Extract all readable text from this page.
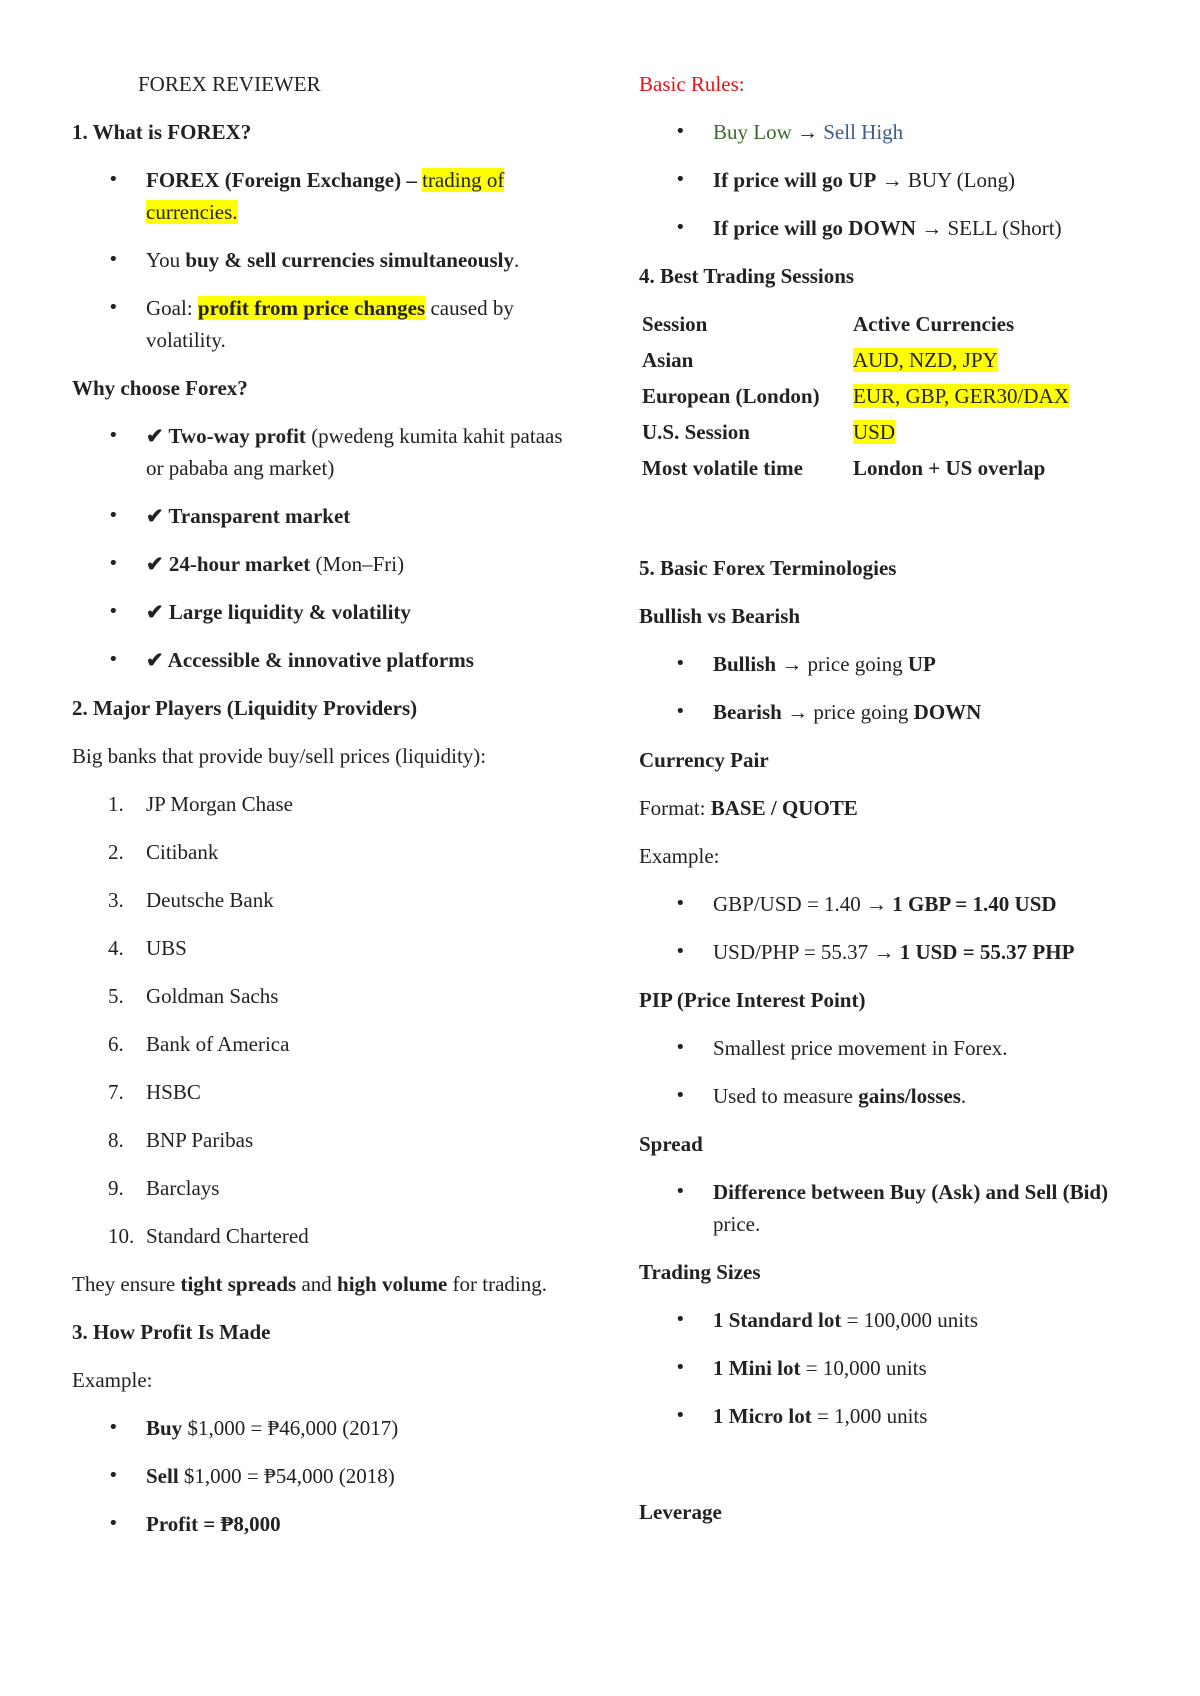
FOREX REVIEWER

1. What is FOREX?

• FOREX (Foreign Exchange) – trading of currencies.
• You buy & sell currencies simultaneously.
• Goal: profit from price changes caused by volatility.

Why choose Forex?

• ✔ Two-way profit (pwedeng kumita kahit pataas or pababa ang market)
• ✔ Transparent market
• ✔ 24-hour market (Mon–Fri)
• ✔ Large liquidity & volatility
• ✔ Accessible & innovative platforms

2. Major Players (Liquidity Providers)

Big banks that provide buy/sell prices (liquidity):

1. JP Morgan Chase
2. Citibank
3. Deutsche Bank
4. UBS
5. Goldman Sachs
6. Bank of America
7. HSBC
8. BNP Paribas
9. Barclays
10. Standard Chartered

They ensure tight spreads and high volume for trading.

3. How Profit Is Made

Example:

• Buy $1,000 = ₱46,000 (2017)
• Sell $1,000 = ₱54,000 (2018)
• Profit = ₱8,000

Basic Rules:

• Buy Low → Sell High
• If price will go UP → BUY (Long)
• If price will go DOWN → SELL (Short)

4. Best Trading Sessions

Session	Active Currencies
Asian	AUD, NZD, JPY
European (London)	EUR, GBP, GER30/DAX
U.S. Session	USD
Most volatile time	London + US overlap

5. Basic Forex Terminologies

Bullish vs Bearish

• Bullish → price going UP
• Bearish → price going DOWN

Currency Pair

Format: BASE / QUOTE

Example:

• GBP/USD = 1.40 → 1 GBP = 1.40 USD
• USD/PHP = 55.37 → 1 USD = 55.37 PHP

PIP (Price Interest Point)

• Smallest price movement in Forex.
• Used to measure gains/losses.

Spread

• Difference between Buy (Ask) and Sell (Bid) price.

Trading Sizes

• 1 Standard lot = 100,000 units
• 1 Mini lot = 10,000 units
• 1 Micro lot = 1,000 units

Leverage
